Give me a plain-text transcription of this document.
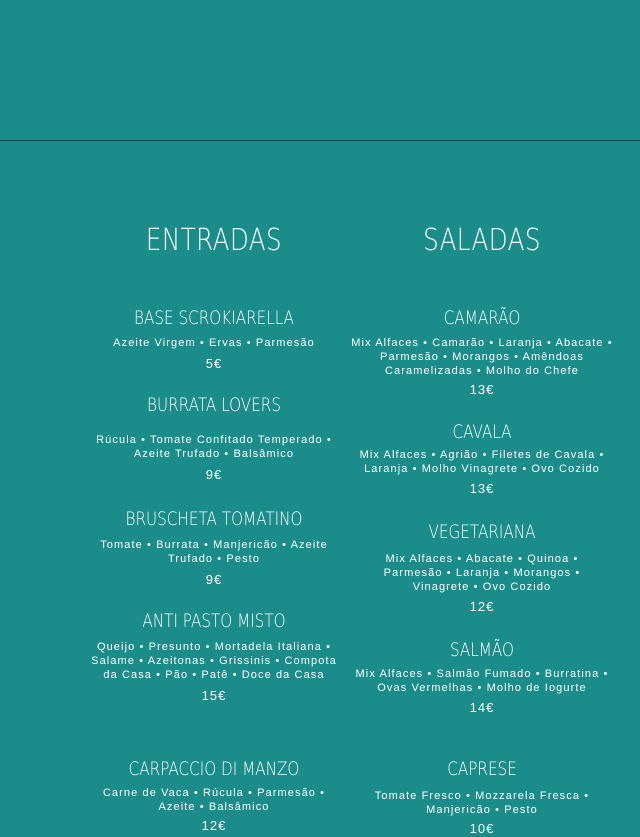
ENTRADAS
BASE SCROKIARELLA
Azeite Virgem • Ervas • Parmesão
5€
BURRATA LOVERS
Rúcula • Tomate Confitado Temperado • Azeite Trufado • Balsâmico
9€
BRUSCHETA TOMATINO
Tomate • Burrata • Manjericão • Azeite Trufado • Pesto
9€
ANTI PASTO MISTO
Queijo • Presunto • Mortadela Italiana • Salame • Azeitonas • Grissinis • Compota da Casa • Pão • Patê • Doce da Casa
15€
CARPACCIO DI MANZO
Carne de Vaca • Rúcula • Parmesão • Azeite • Balsâmico
12€
SALADAS
CAMARÃO
Mix Alfaces • Camarão • Laranja • Abacate • Parmesão • Morangos • Amêndoas Caramelizadas • Molho do Chefe
13€
CAVALA
Mix Alfaces • Agrião • Filetes de Cavala • Laranja • Molho Vinagrete • Ovo Cozido
13€
VEGETARIANA
Mix Alfaces • Abacate • Quinoa • Parmesão • Laranja • Morangos • Vinagrete • Ovo Cozido
12€
SALMÃO
Mix Alfaces • Salmão Fumado • Burratina • Ovas Vermelhas • Molho de Iogurte
14€
CAPRESE
Tomate Fresco • Mozzarela Fresca • Manjericão • Pesto
10€
